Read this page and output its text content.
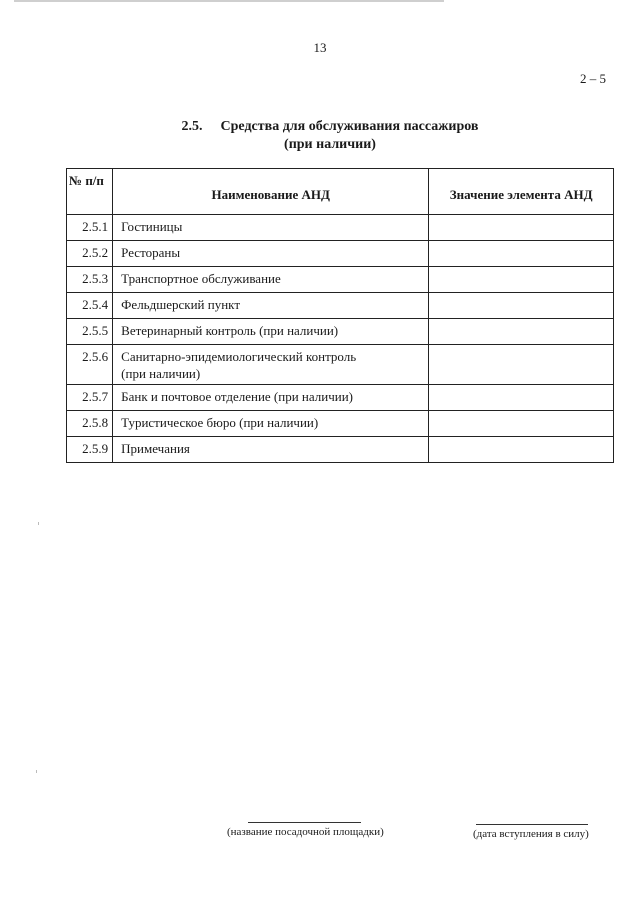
13
2 – 5
2.5. Средства для обслуживания пассажиров
(при наличии)
№ п/п	Наименование АНД	Значение элемента АНД
2.5.1	Гостиницы	
2.5.2	Рестораны	
2.5.3	Транспортное обслуживание	
2.5.4	Фельдшерский пункт	
2.5.5	Ветеринарный контроль (при наличии)	
2.5.6	Санитарно-эпидемиологический контроль
(при наличии)	

2.5.7	Банк и почтовое отделение (при наличии)	
2.5.8	Туристическое бюро (при наличии)	
2.5.9	Примечания	
(название посадочной площадки)	(дата вступления в силу)
